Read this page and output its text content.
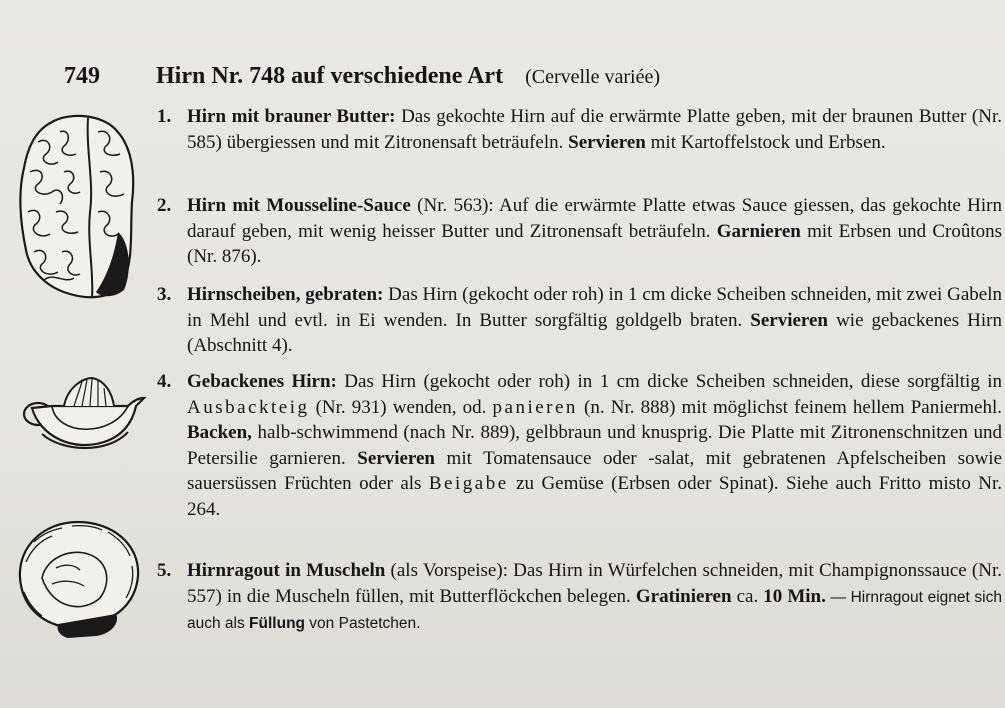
749 Hirn Nr. 748 auf verschiedene Art (Cervelle variée)
1. Hirn mit brauner Butter: Das gekochte Hirn auf die erwärmte Platte geben, mit der braunen Butter (Nr. 585) übergiessen und mit Zitronensaft beträufeln. Servieren mit Kartoffelstock und Erbsen.
2. Hirn mit Mousseline-Sauce (Nr. 563): Auf die erwärmte Platte etwas Sauce giessen, das gekochte Hirn darauf geben, mit wenig heisser Butter und Zitronensaft beträufeln. Garnieren mit Erbsen und Croûtons (Nr. 876).
3. Hirnscheiben, gebraten: Das Hirn (gekocht oder roh) in 1 cm dicke Scheiben schneiden, mit zwei Gabeln in Mehl und evtl. in Ei wenden. In Butter sorgfältig goldgelb braten. Servieren wie gebackenes Hirn (Abschnitt 4).
4. Gebackenes Hirn: Das Hirn (gekocht oder roh) in 1 cm dicke Scheiben schneiden, diese sorgfältig in Ausbackteig (Nr. 931) wenden, od. panieren (n. Nr. 888) mit möglichst feinem hellem Paniermehl. Backen, halb-schwimmend (nach Nr. 889), gelbbraun und knusprig. Die Platte mit Zitronenschnitzen und Petersilie garnieren. Servieren mit Tomatensauce oder -salat, mit gebratenen Apfelscheiben sowie sauersüssen Früchten oder als Beigabe zu Gemüse (Erbsen oder Spinat). Siehe auch Fritto misto Nr. 264.
5. Hirnragout in Muscheln (als Vorspeise): Das Hirn in Würfelchen schneiden, mit Champignonssauce (Nr. 557) in die Muscheln füllen, mit Butterflöckchen belegen. Gratinieren ca. 10 Min. — Hirnragout eignet sich auch als Füllung von Pastetchen.
